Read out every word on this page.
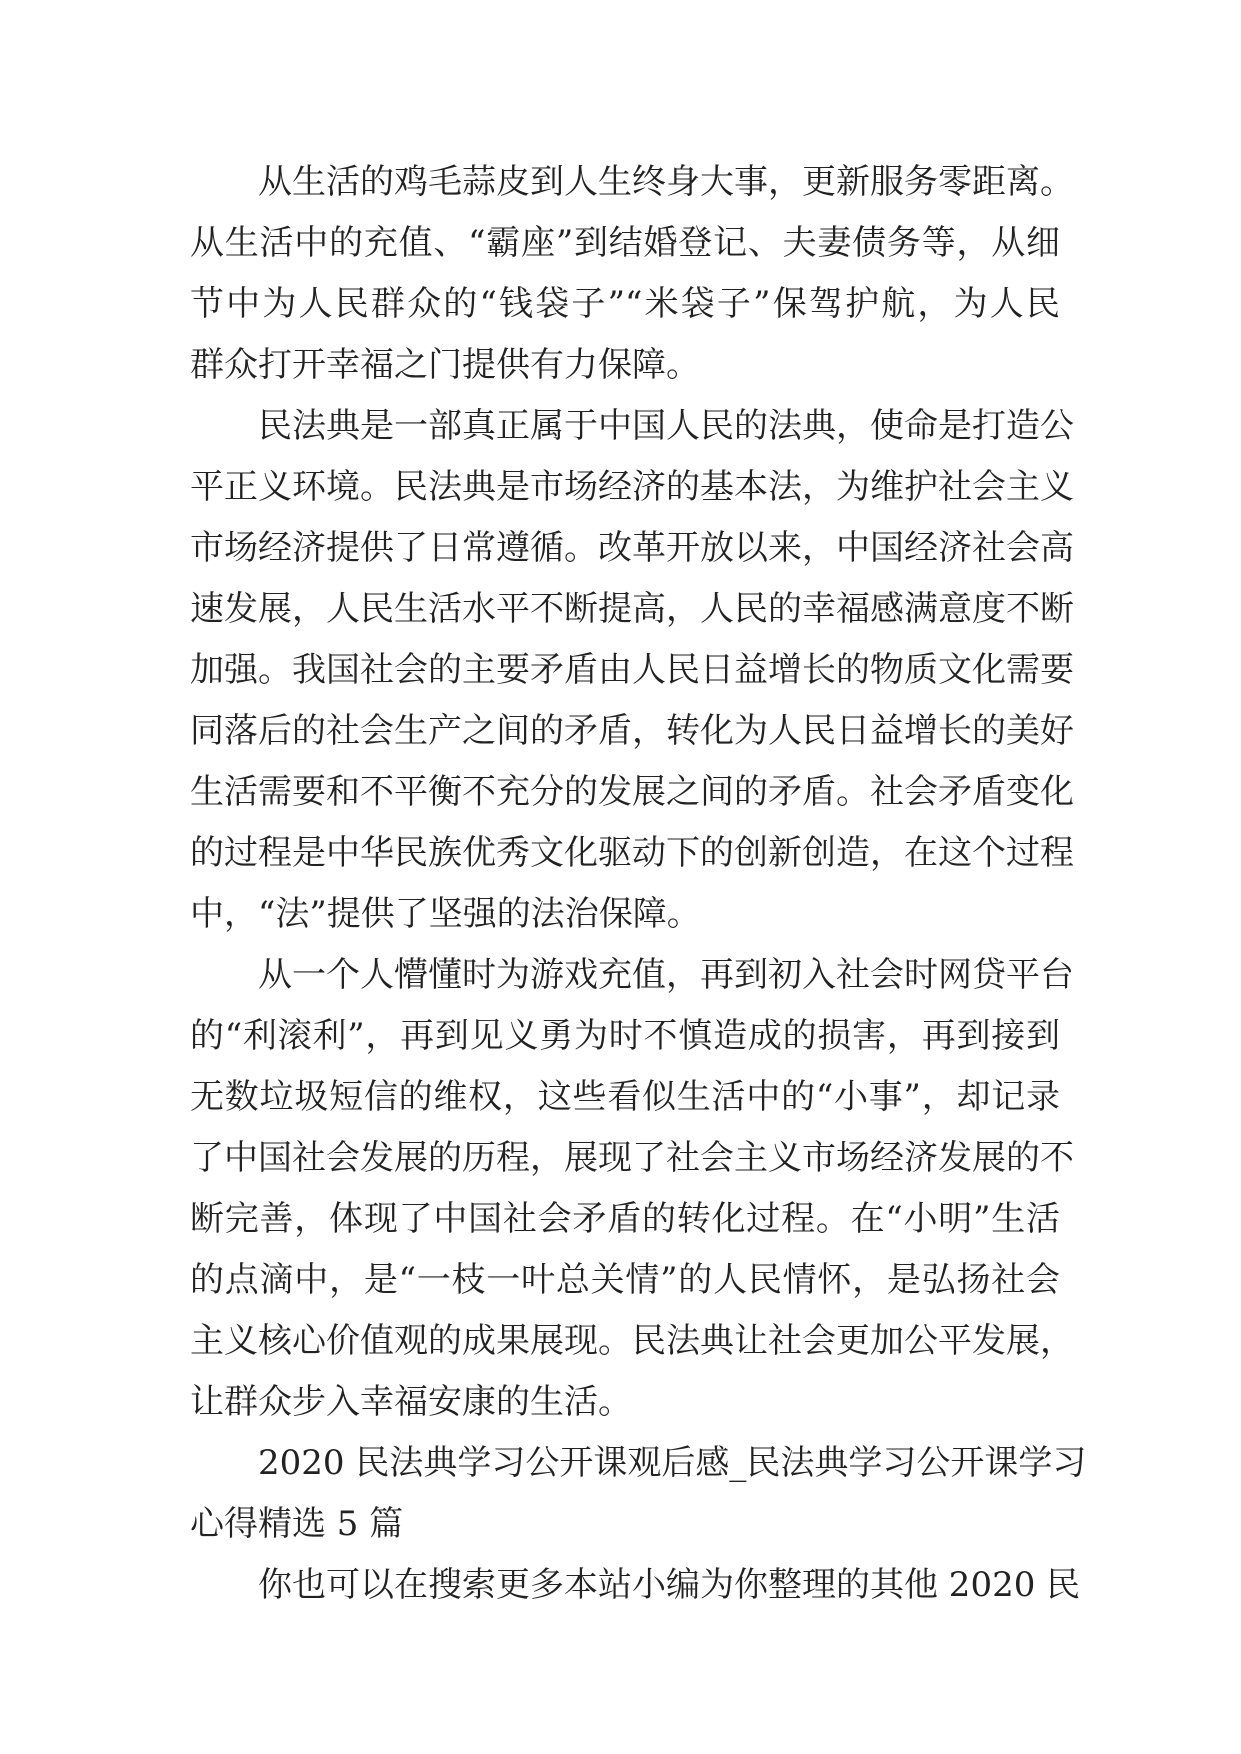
从生活的鸡毛蒜皮到人生终身大事，更新服务零距离。
从生活中的充值、“霸座”到结婚登记、夫妻债务等，从细
节中为人民群众的“钱袋子”“米袋子”保驾护航，为人民
群众打开幸福之门提供有力保障。
民法典是一部真正属于中国人民的法典，使命是打造公
平正义环境。民法典是市场经济的基本法，为维护社会主义
市场经济提供了日常遵循。改革开放以来，中国经济社会高
速发展，人民生活水平不断提高，人民的幸福感满意度不断
加强。我国社会的主要矛盾由人民日益增长的物质文化需要
同落后的社会生产之间的矛盾，转化为人民日益增长的美好
生活需要和不平衡不充分的发展之间的矛盾。社会矛盾变化
的过程是中华民族优秀文化驱动下的创新创造，在这个过程
中，“法”提供了坚强的法治保障。
从一个人懵懂时为游戏充值，再到初入社会时网贷平台
的“利滚利”，再到见义勇为时不慎造成的损害，再到接到
无数垃圾短信的维权，这些看似生活中的“小事”，却记录
了中国社会发展的历程，展现了社会主义市场经济发展的不
断完善，体现了中国社会矛盾的转化过程。在“小明”生活
的点滴中，是“一枝一叶总关情”的人民情怀，是弘扬社会
主义核心价值观的成果展现。民法典让社会更加公平发展，
让群众步入幸福安康的生活。
2020 民法典学习公开课观后感_民法典学习公开课学习
心得精选 5 篇
你也可以在搜索更多本站小编为你整理的其他 2020 民
